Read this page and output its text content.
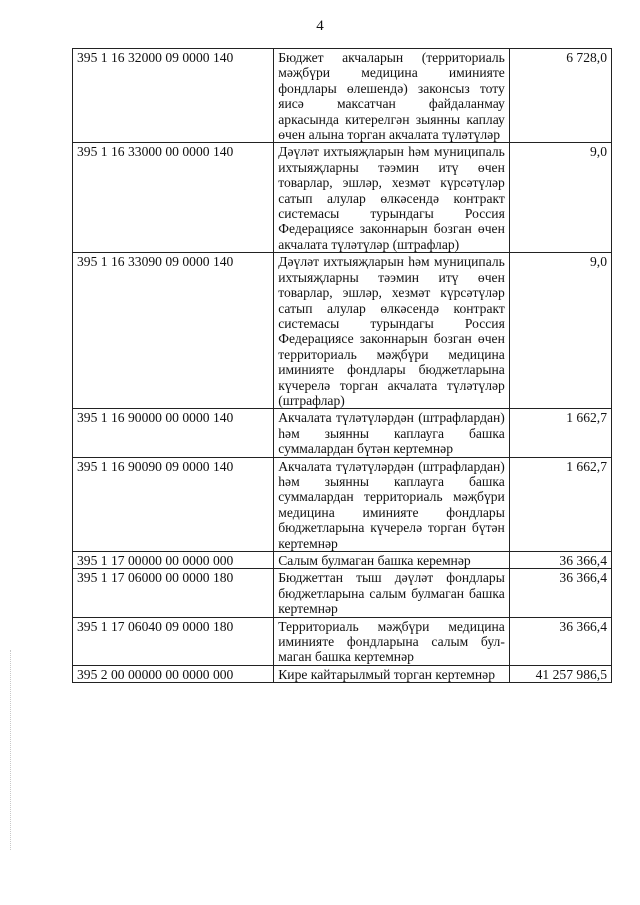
4
395 1 16 32000 09 0000 140	Бюджет акчаларын (территориаль мәҗбүри медицина иминияте фондлары өлешендә) законсыз тоту яисә максатчан файдаланмау аркасында китерелгән зыянны каплау өчен алына торган акчалата түләтүләр	6 728,0
395 1 16 33000 00 0000 140	Дәүләт ихтыяҗларын һәм муниципаль ихтыяҗларны тәэмин итү өчен товарлар, эшләр, хезмәт күрсәтүләр сатып алулар өлкәсендә контракт системасы турындагы Россия Федерациясе законнарын бозган өчен акчалата түләтүләр (штрафлар)	9,0
395 1 16 33090 09 0000 140	Дәүләт ихтыяҗларын һәм муниципаль ихтыяҗларны тәэмин итү өчен товарлар, эшләр, хезмәт күрсәтүләр сатып алулар өлкәсендә контракт системасы турындагы Россия Федерациясе законнарын бозган өчен территориаль мәҗбүри медицина иминияте фондлары бюджетларына күчерелә торган акчалата түләтүләр (штрафлар)	9,0
395 1 16 90000 00 0000 140	Акчалата түләтүләрдән (штрафлардан) һәм зыянны каплауга башка суммалардан бүтән кертемнәр	1 662,7
395 1 16 90090 09 0000 140	Акчалата түләтүләрдән (штрафлардан) һәм зыянны каплауга башка суммалардан территориаль мәҗбүри медицина иминияте фондлары бюджетларына күчерелә торган бүтән кертемнәр	1 662,7
395 1 17 00000 00 0000 000	Салым булмаган башка керемнәр	36 366,4
395 1 17 06000 00 0000 180	Бюджеттан тыш дәүләт фондлары бюджетларына салым булмаган башка кертемнәр	36 366,4
395 1 17 06040 09 0000 180	Территориаль мәҗбүри медицина иминияте фондларына салым булмаган башка кертемнәр	36 366,4
395 2 00 00000 00 0000 000	Кире кайтарылмый торган кертемнәр	41 257 986,5
